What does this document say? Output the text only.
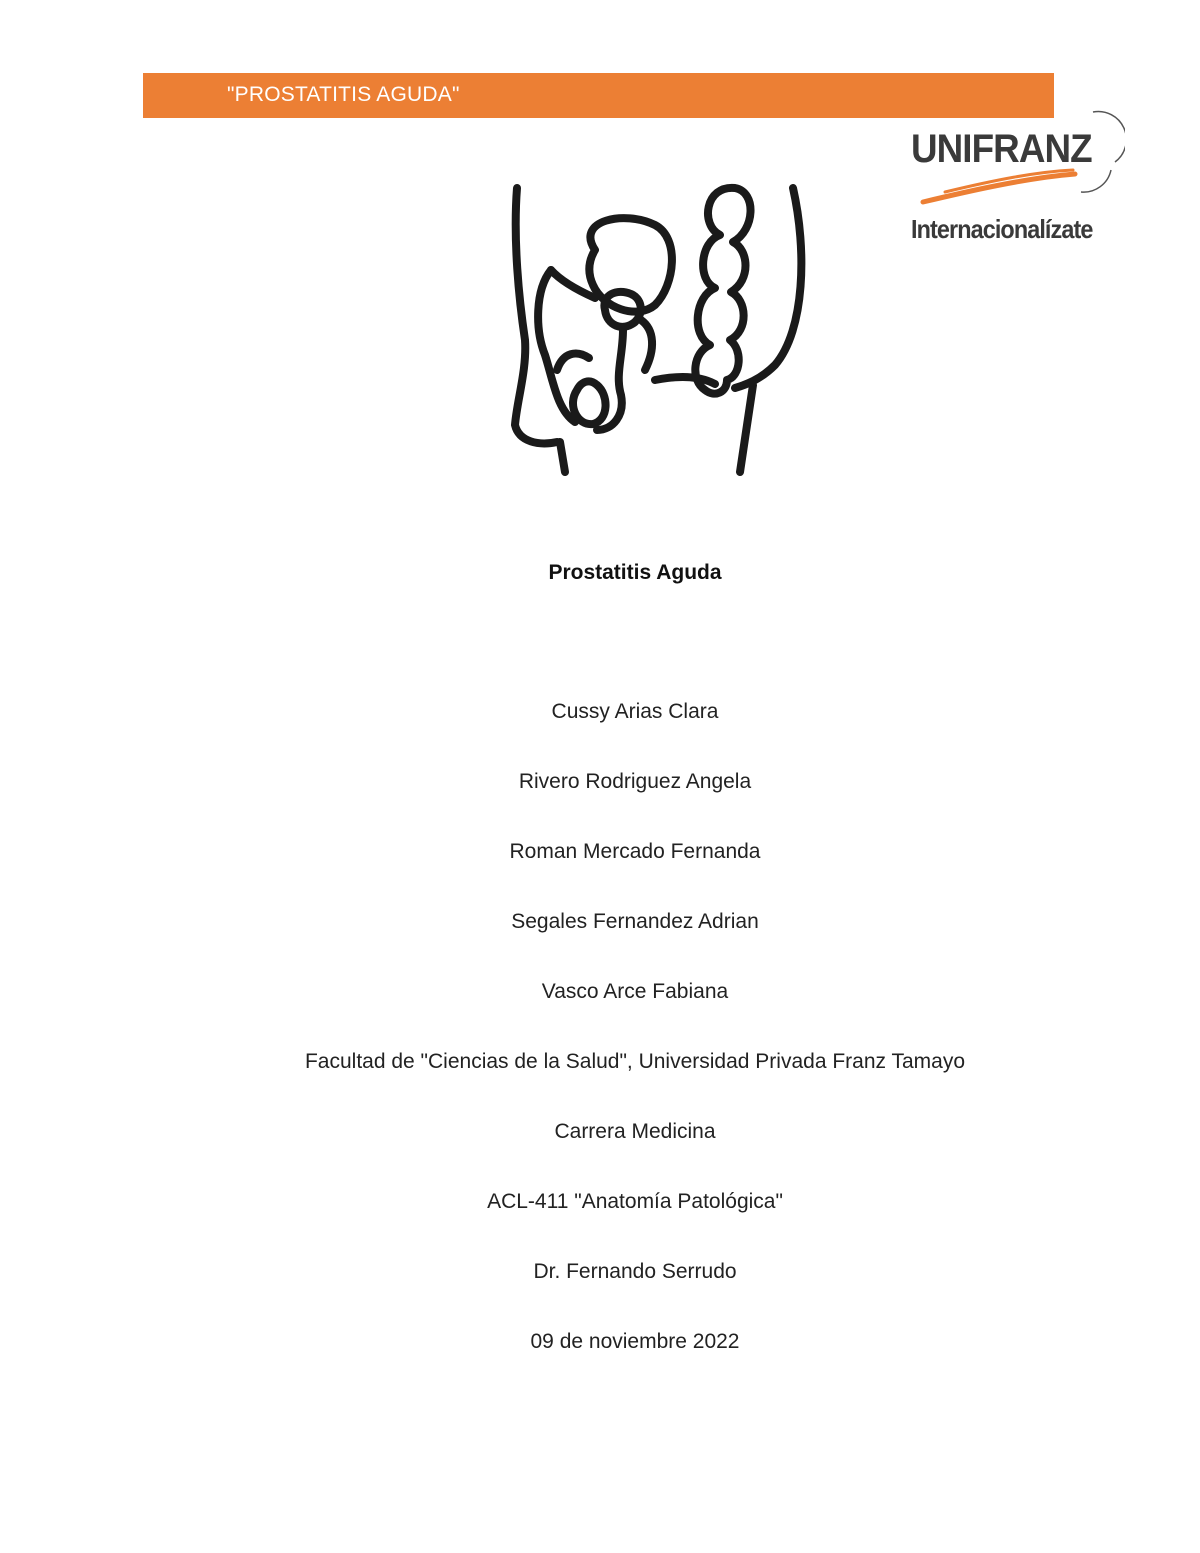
"PROSTATITIS AGUDA"
UNIFRANZ
Internacionalízate
Prostatitis Aguda
Cussy Arias Clara
Rivero Rodriguez Angela
Roman Mercado Fernanda
Segales Fernandez Adrian
Vasco Arce Fabiana
Facultad de "Ciencias de la Salud", Universidad Privada Franz Tamayo
Carrera Medicina
ACL-411 "Anatomía Patológica"
Dr. Fernando Serrudo
09 de noviembre 2022
